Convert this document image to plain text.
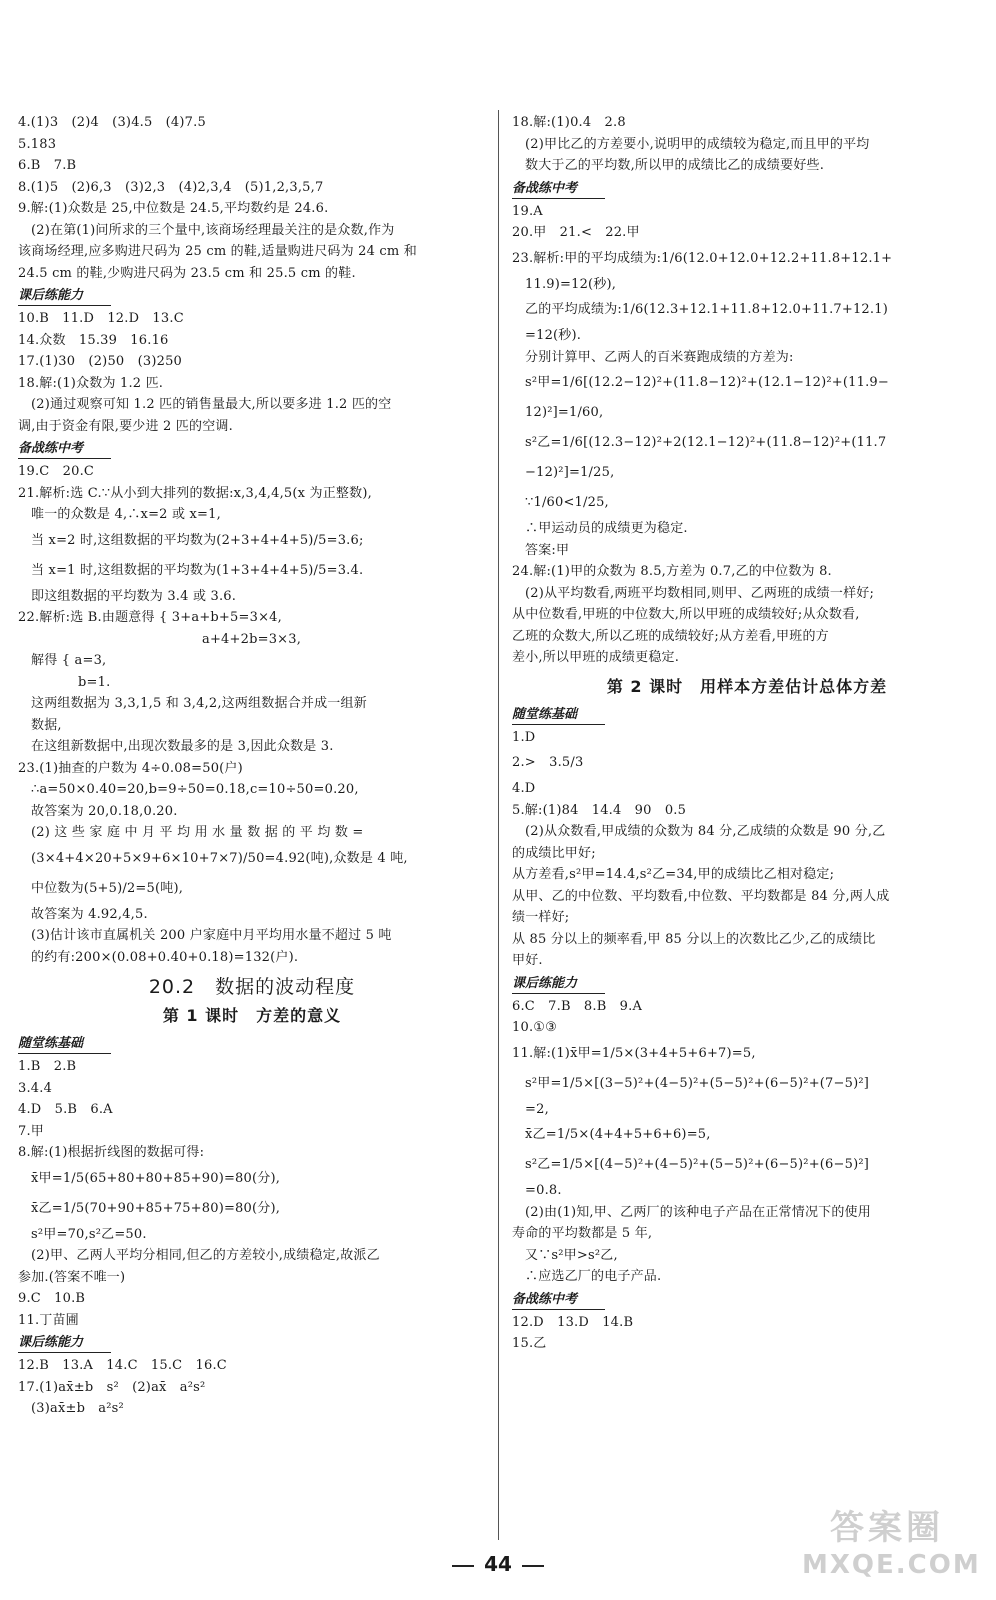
4.(1)3　(2)4　(3)4.5　(4)7.5
5.183
6.B　7.B
8.(1)5　(2)6,3　(3)2,3　(4)2,3,4　(5)1,2,3,5,7
9.解:(1)众数是 25,中位数是 24.5,平均数约是 24.6.
(2)在第(1)问所求的三个量中,该商场经理最关注的是众数,作为
该商场经理,应多购进尺码为 25 cm 的鞋,适量购进尺码为 24 cm 和
24.5 cm 的鞋,少购进尺码为 23.5 cm 和 25.5 cm 的鞋.
课后练能力
10.B　11.D　12.D　13.C
14.众数　15.39　16.16
17.(1)30　(2)50　(3)250
18.解:(1)众数为 1.2 匹.
(2)通过观察可知 1.2 匹的销售量最大,所以要多进 1.2 匹的空
调,由于资金有限,要少进 2 匹的空调.
备战练中考
19.C　20.C
21.解析:选 C.∵从小到大排列的数据:x,3,4,4,5(x 为正整数),
唯一的众数是 4,∴x=2 或 x=1,
当 x=2 时,这组数据的平均数为(2+3+4+4+5)/5=3.6;
当 x=1 时,这组数据的平均数为(1+3+4+4+5)/5=3.4.
即这组数据的平均数为 3.4 或 3.6.
22.解析:选 B.由题意得 { 3+a+b+5=3×4,
a+4+2b=3×3,
解得 { a=3,
b=1.
这两组数据为 3,3,1,5 和 3,4,2,这两组数据合并成一组新
数据,
在这组新数据中,出现次数最多的是 3,因此众数是 3.
23.(1)抽查的户数为 4÷0.08=50(户)
∴a=50×0.40=20,b=9÷50=0.18,c=10÷50=0.20,
故答案为 20,0.18,0.20.
(2) 这 些 家 庭 中 月 平 均 用 水 量 数 据 的 平 均 数 =
(3×4+4×20+5×9+6×10+7×7)/50=4.92(吨),众数是 4 吨,
中位数为(5+5)/2=5(吨),
故答案为 4.92,4,5.
(3)估计该市直属机关 200 户家庭中月平均用水量不超过 5 吨
的约有:200×(0.08+0.40+0.18)=132(户).
20.2　数据的波动程度
第 1 课时　方差的意义
随堂练基础
1.B　2.B
3.4.4
4.D　5.B　6.A
7.甲
8.解:(1)根据折线图的数据可得:
x̄甲=1/5(65+80+80+85+90)=80(分),
x̄乙=1/5(70+90+85+75+80)=80(分),
s²甲=70,s²乙=50.
(2)甲、乙两人平均分相同,但乙的方差较小,成绩稳定,故派乙
参加.(答案不唯一)
9.C　10.B
11.丁苗圃
课后练能力
12.B　13.A　14.C　15.C　16.C
17.(1)ax̄±b　s²　(2)ax̄　a²s²
(3)ax̄±b　a²s²
18.解:(1)0.4　2.8
(2)甲比乙的方差要小,说明甲的成绩较为稳定,而且甲的平均
数大于乙的平均数,所以甲的成绩比乙的成绩要好些.
备战练中考
19.A
20.甲　21.<　22.甲
23.解析:甲的平均成绩为:1/6(12.0+12.0+12.2+11.8+12.1+
11.9)=12(秒),
乙的平均成绩为:1/6(12.3+12.1+11.8+12.0+11.7+12.1)
=12(秒).
分别计算甲、乙两人的百米赛跑成绩的方差为:
s²甲=1/6[(12.2−12)²+(11.8−12)²+(12.1−12)²+(11.9−
12)²]=1/60,
s²乙=1/6[(12.3−12)²+2(12.1−12)²+(11.8−12)²+(11.7
−12)²]=1/25,
∵1/60<1/25,
∴甲运动员的成绩更为稳定.
答案:甲
24.解:(1)甲的众数为 8.5,方差为 0.7,乙的中位数为 8.
(2)从平均数看,两班平均数相同,则甲、乙两班的成绩一样好;
从中位数看,甲班的中位数大,所以甲班的成绩较好;从众数看,
乙班的众数大,所以乙班的成绩较好;从方差看,甲班的方
差小,所以甲班的成绩更稳定.
第 2 课时　用样本方差估计总体方差
随堂练基础
1.D
2.>　3.5/3
4.D
5.解:(1)84　14.4　90　0.5
(2)从众数看,甲成绩的众数为 84 分,乙成绩的众数是 90 分,乙
的成绩比甲好;
从方差看,s²甲=14.4,s²乙=34,甲的成绩比乙相对稳定;
从甲、乙的中位数、平均数看,中位数、平均数都是 84 分,两人成
绩一样好;
从 85 分以上的频率看,甲 85 分以上的次数比乙少,乙的成绩比
甲好.
课后练能力
6.C　7.B　8.B　9.A
10.①③
11.解:(1)x̄甲=1/5×(3+4+5+6+7)=5,
s²甲=1/5×[(3−5)²+(4−5)²+(5−5)²+(6−5)²+(7−5)²]
=2,
x̄乙=1/5×(4+4+5+6+6)=5,
s²乙=1/5×[(4−5)²+(4−5)²+(5−5)²+(6−5)²+(6−5)²]
=0.8.
(2)由(1)知,甲、乙两厂的该种电子产品在正常情况下的使用
寿命的平均数都是 5 年,
又∵s²甲>s²乙,
∴应选乙厂的电子产品.
备战练中考
12.D　13.D　14.B
15.乙
44
答案圈
MXQE.COM
